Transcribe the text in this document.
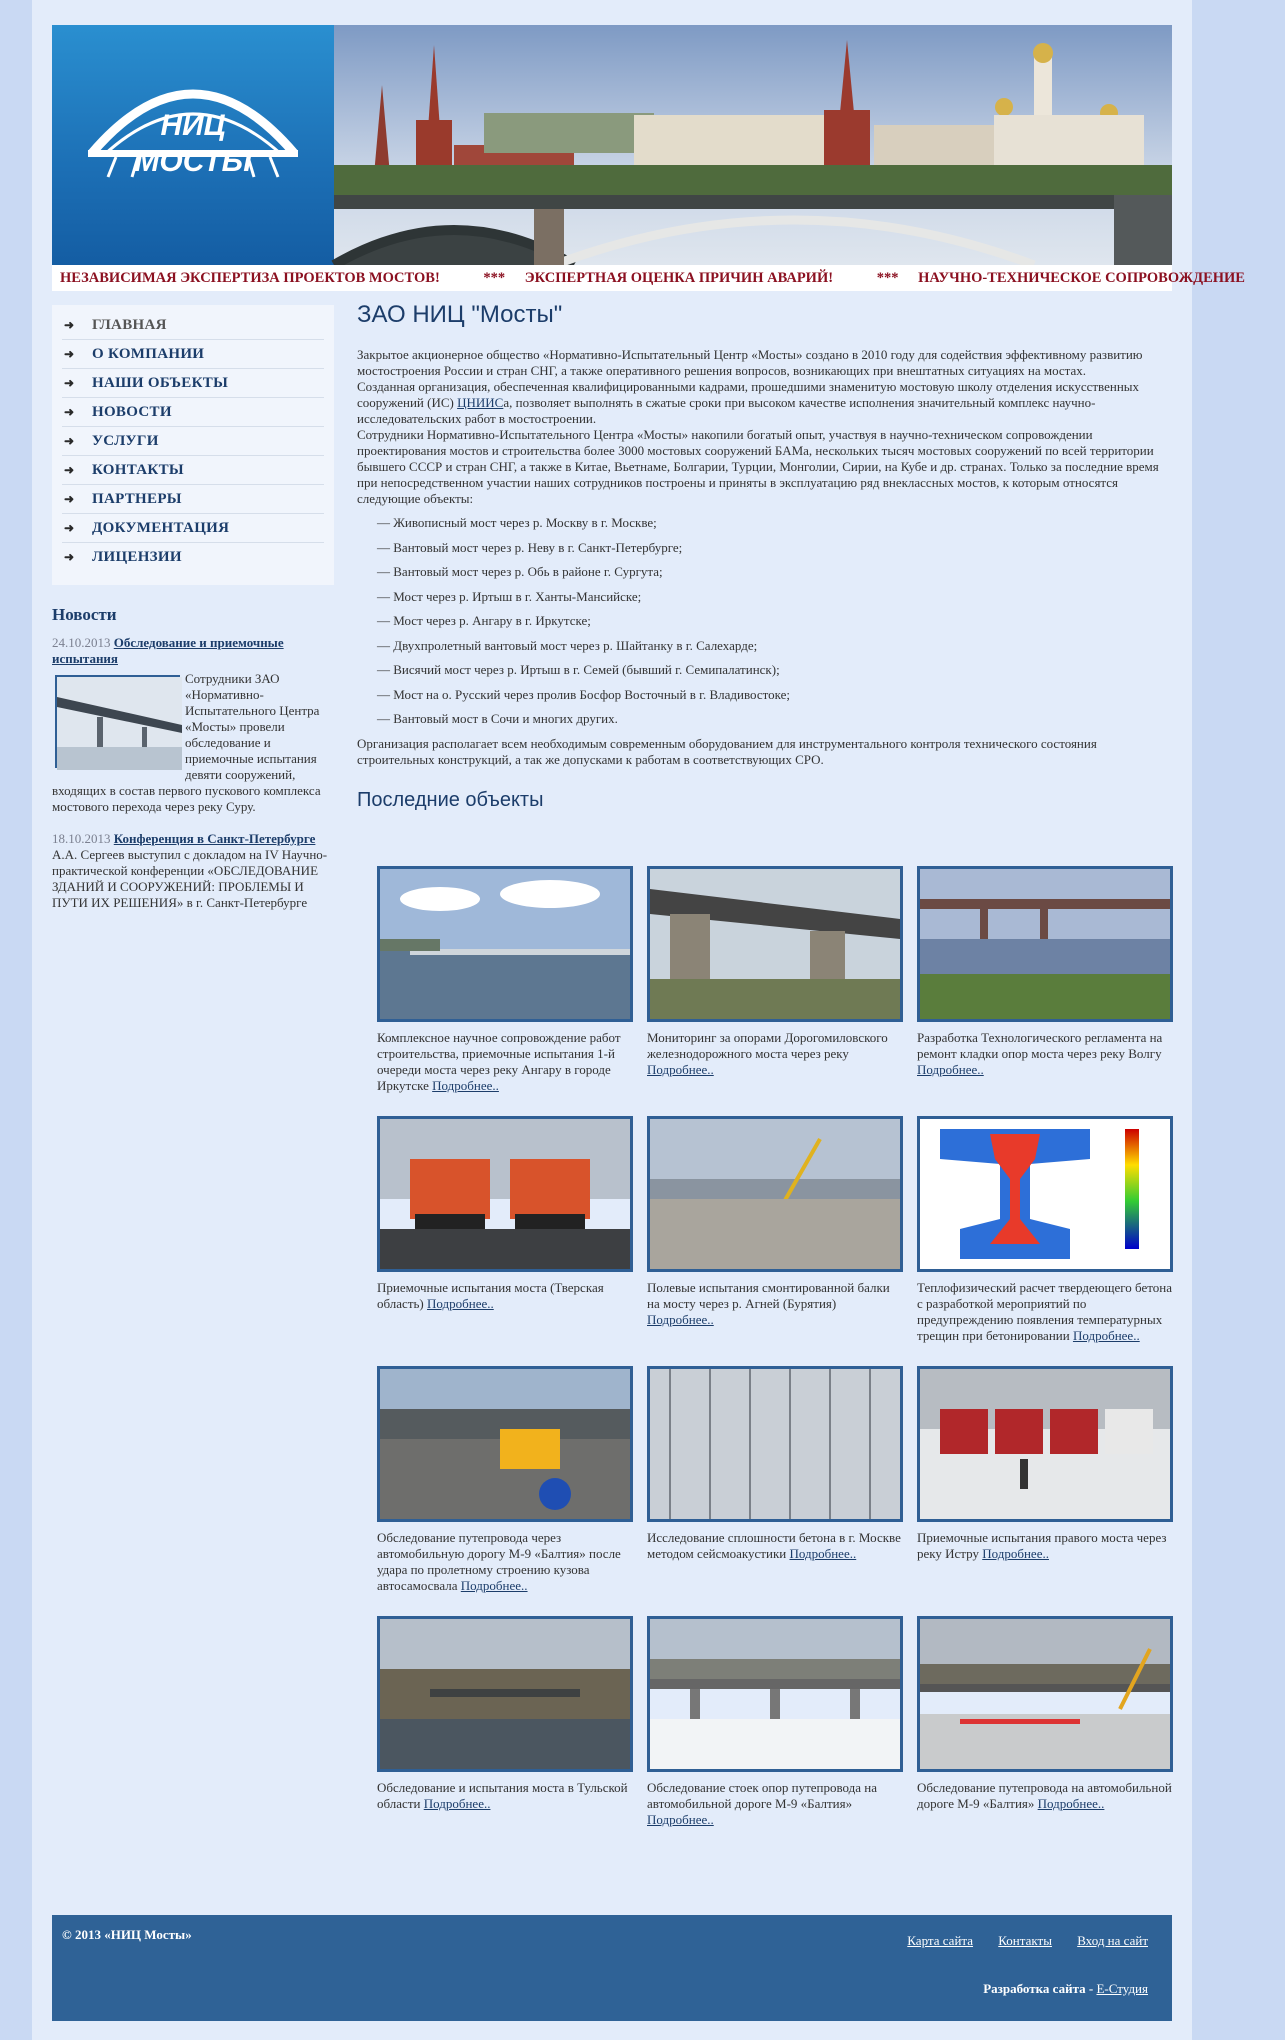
НИЦ
МОСТЫ
НЕЗАВИСИМАЯ ЭКСПЕРТИЗА ПРОЕКТОВ МОСТОВ!	*** ЭКСПЕРТНАЯ ОЦЕНКА ПРИЧИН АВАРИЙ!	*** НАУЧНО-ТЕХНИЧЕСКОЕ СОПРОВОЖДЕНИЕ
➜	ГЛАВНАЯ
➜	О КОМПАНИИ
➜	НАШИ ОБЪЕКТЫ
➜	НОВОСТИ
➜	УСЛУГИ
➜	КОНТАКТЫ
➜	ПАРТНЕРЫ
➜	ДОКУМЕНТАЦИЯ
➜	ЛИЦЕНЗИИ
Новости
24.10.2013 Обследование и приемочные испытания
Сотрудники ЗАО «Нормативно-Испытательного Центра «Мосты» провели обследование и приемочные испытания девяти сооружений, входящих в состав первого пускового комплекса мостового перехода через реку Суру.
18.10.2013 Конференция в Санкт-Петербурге
А.А. Сергеев выступил с докладом на IV Научно-практической конференции «ОБСЛЕДОВАНИЕ ЗДАНИЙ И СООРУЖЕНИЙ: ПРОБЛЕМЫ И ПУТИ ИХ РЕШЕНИЯ» в г. Санкт-Петербурге
ЗАО НИЦ "Мосты"

Закрытое акционерное общество «Нормативно-Испытательный Центр «Мосты» создано в 2010 году для содействия эффективному развитию мостостроения России и стран СНГ, а также оперативного решения вопросов, возникающих при внештатных ситуациях на мостах.

Созданная организация, обеспеченная квалифицированными кадрами, прошедшими знаменитую мостовую школу отделения искусственных сооружений (ИС) ЦНИИСа, позволяет выполнять в сжатые сроки при высоком качестве исполнения значительный комплекс научно-исследовательских работ в мостостроении.

Сотрудники Нормативно-Испытательного Центра «Мосты» накопили богатый опыт, участвуя в научно-техническом сопровождении проектирования мостов и строительства более 3000 мостовых сооружений БАМа, нескольких тысяч мостовых сооружений по всей территории бывшего СССР и стран СНГ, а также в Китае, Вьетнаме, Болгарии, Турции, Монголии, Сирии, на Кубе и др. странах. Только за последние время при непосредственном участии наших сотрудников построены и приняты в эксплуатацию ряд внеклассных мостов, к которым относятся следующие объекты:

— Живописный мост через р. Москву в г. Москве;
— Вантовый мост через р. Неву в г. Санкт-Петербурге;
— Вантовый мост через р. Обь в районе г. Сургута;
— Мост через р. Иртыш в г. Ханты-Мансийске;
— Мост через р. Ангару в г. Иркутске;
— Двухпролетный вантовый мост через р. Шайтанку в г. Салехарде;
— Висячий мост через р. Иртыш в г. Семей (бывший г. Семипалатинск);
— Мост на о. Русский через пролив Босфор Восточный в г. Владивостоке;
— Вантовый мост в Сочи и многих других.

Организация располагает всем необходимым современным оборудованием для инструментального контроля технического состояния строительных конструкций, а так же допусками к работам в соответствующих СРО.

Последние объекты
Комплексное научное сопровождение работ строительства, приемочные испытания 1-й очереди моста через реку Ангару в городе Иркутске Подробнее..
Мониторинг за опорами Дорогомиловского железнодорожного моста через реку Подробнее..
Разработка Технологического регламента на ремонт кладки опор моста через реку Волгу Подробнее..
Приемочные испытания моста (Тверская область) Подробнее..
Полевые испытания смонтированной балки на мосту через р. Агней (Бурятия) Подробнее..
Теплофизический расчет твердеющего бетона с разработкой мероприятий по предупреждению появления температурных трещин при бетонировании Подробнее..
Обследование путепровода через автомобильную дорогу М-9 «Балтия» после удара по пролетному строению кузова автосамосвала Подробнее..
Исследование сплошности бетона в г. Москве методом сейсмоакустики Подробнее..
Приемочные испытания правого моста через реку Истру Подробнее..
Обследование и испытания моста в Тульской области Подробнее..
Обследование стоек опор путепровода на автомобильной дороге М-9 «Балтия» Подробнее..
Обследование путепровода на автомобильной дороге М-9 «Балтия» Подробнее..
© 2013 «НИЦ Мосты»	Карта сайта Контакты Вход на сайт
Разработка сайта - E-Студия
